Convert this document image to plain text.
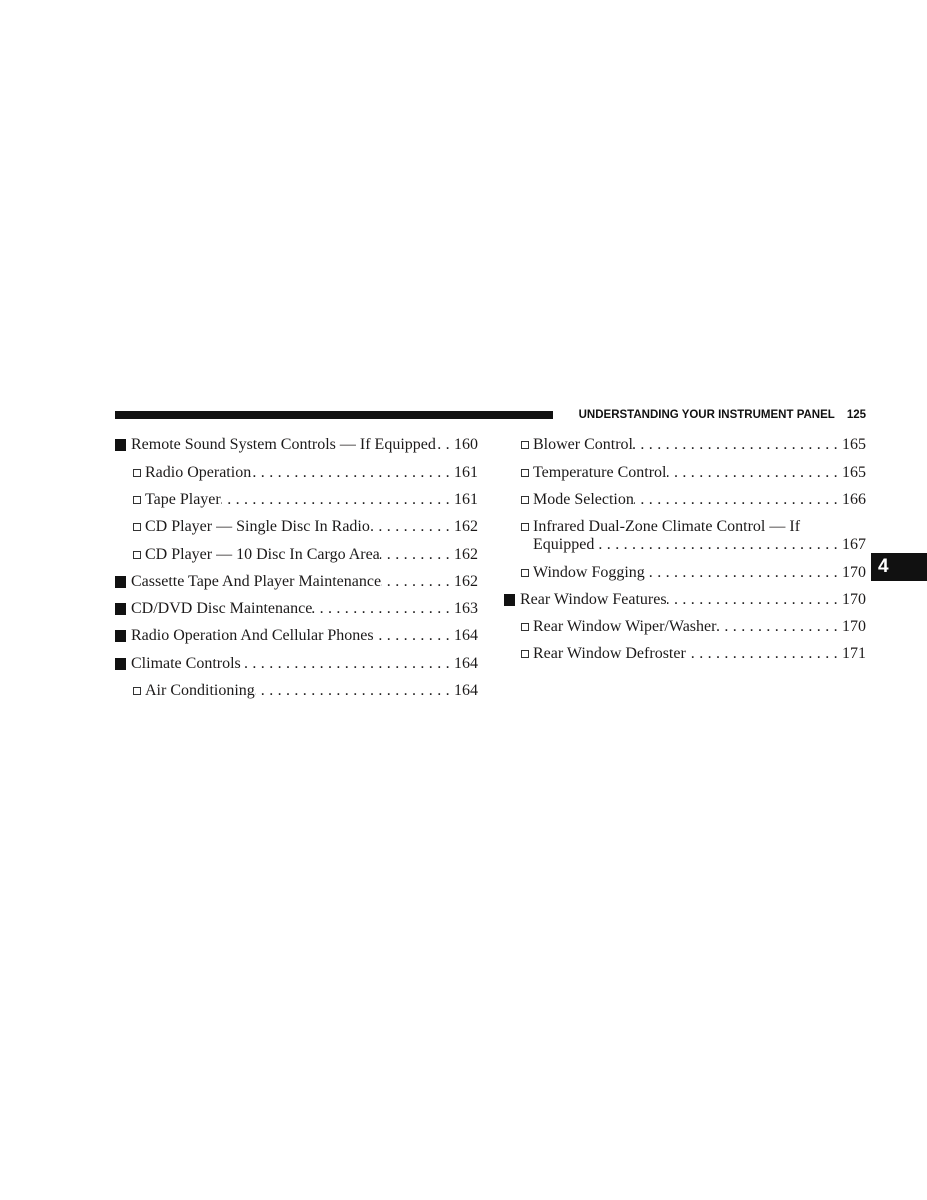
UNDERSTANDING YOUR INSTRUMENT PANEL 125
4
Remote Sound System Controls — If Equipped ..... 160
Radio Operation .....	161
Tape Player .....	161
CD Player — Single Disc In Radio .....	162
CD Player — 10 Disc In Cargo Area .....	162
Cassette Tape And Player Maintenance .....	162
CD/DVD Disc Maintenance .....	163
Radio Operation And Cellular Phones .....	164
Climate Controls .....	164
Air Conditioning .....	164
Blower Control .....	165
Temperature Control .....	165
Mode Selection .....	166
Infrared Dual-Zone Climate Control — If
Equipped .....	167
Window Fogging .....	170
Rear Window Features .....	170
Rear Window Wiper/Washer .....	170
Rear Window Defroster .....	171
